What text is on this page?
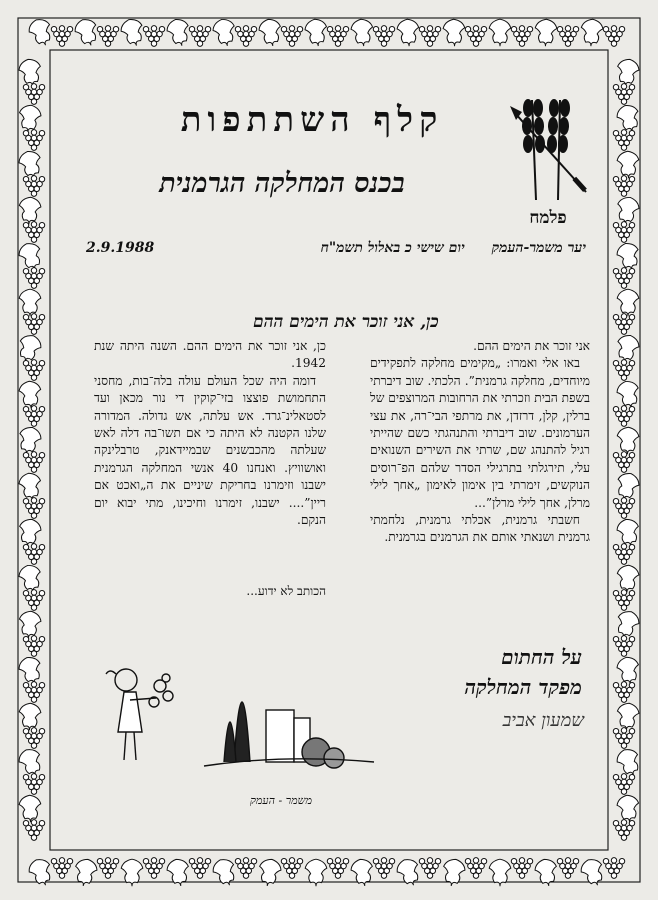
קלף השתתפות
בכנס המחלקה הגרמנית
פלמח
יער משמר-העמק יום שישי כ באלול תשמ"ח
2.9.1988
כן, אני זוכר את הימים ההם

אני זוכר את הימים ההם.

באו אלי ואמרו: „מקימים מחלקה לתפקידים מיוחדים, מחלקה גרמנית”. הלכתי. שוב דיברתי בשפת הבית וזכרתי את הרחובות המרוצפים של ברלין, קלן, דרזדן, את מרתפי הבי־רה, את עצי הערמונים. שוב דיברתי והתנהגתי כשם שהייתי רגיל להתנהג שם, שרתי את השירים השנואים עלי, תירגלתי בתרגילי הסדר שלהם הפ־רוסים הנוקשים, זימרתי בין אימון לאימון „אחך לילי מרלן, אחך לילי מרלן”...

חשבתי גרמנית, אכלתי גרמנית, נלחמתי גרמנית ושנאתי אותם את הגרמנים בגרמנית.

כן, אני זוכר את הימים ההם. השנה היתה שנת 1942.

דומה היה שכל העולם עולה בלה־בות, מחסני התחמושת פוצצו בזי־קוקין די נור מכאן ועד לסטאלינ־גרד. אש עלתה, אש גדולה. המדורה שלנו הקטנה לא היתה כי אם תשו־בה דלה לאש שעלתה מהכבשנים שבמיידאנק, טרבלינקה ואושוויץ. ואנחנו 40 אנשי המחלקה הגרמנית ישבנו וזימרנו בחריקת שיניים את ה„ואכט אם ריין”.... ישבנו, זימרנו וחיכינו, מתי יבוא יום הנקם.

הכותב לא ידוע...
על החתום
מפקד המחלקה
שמעון אביב
משמר - העמק
